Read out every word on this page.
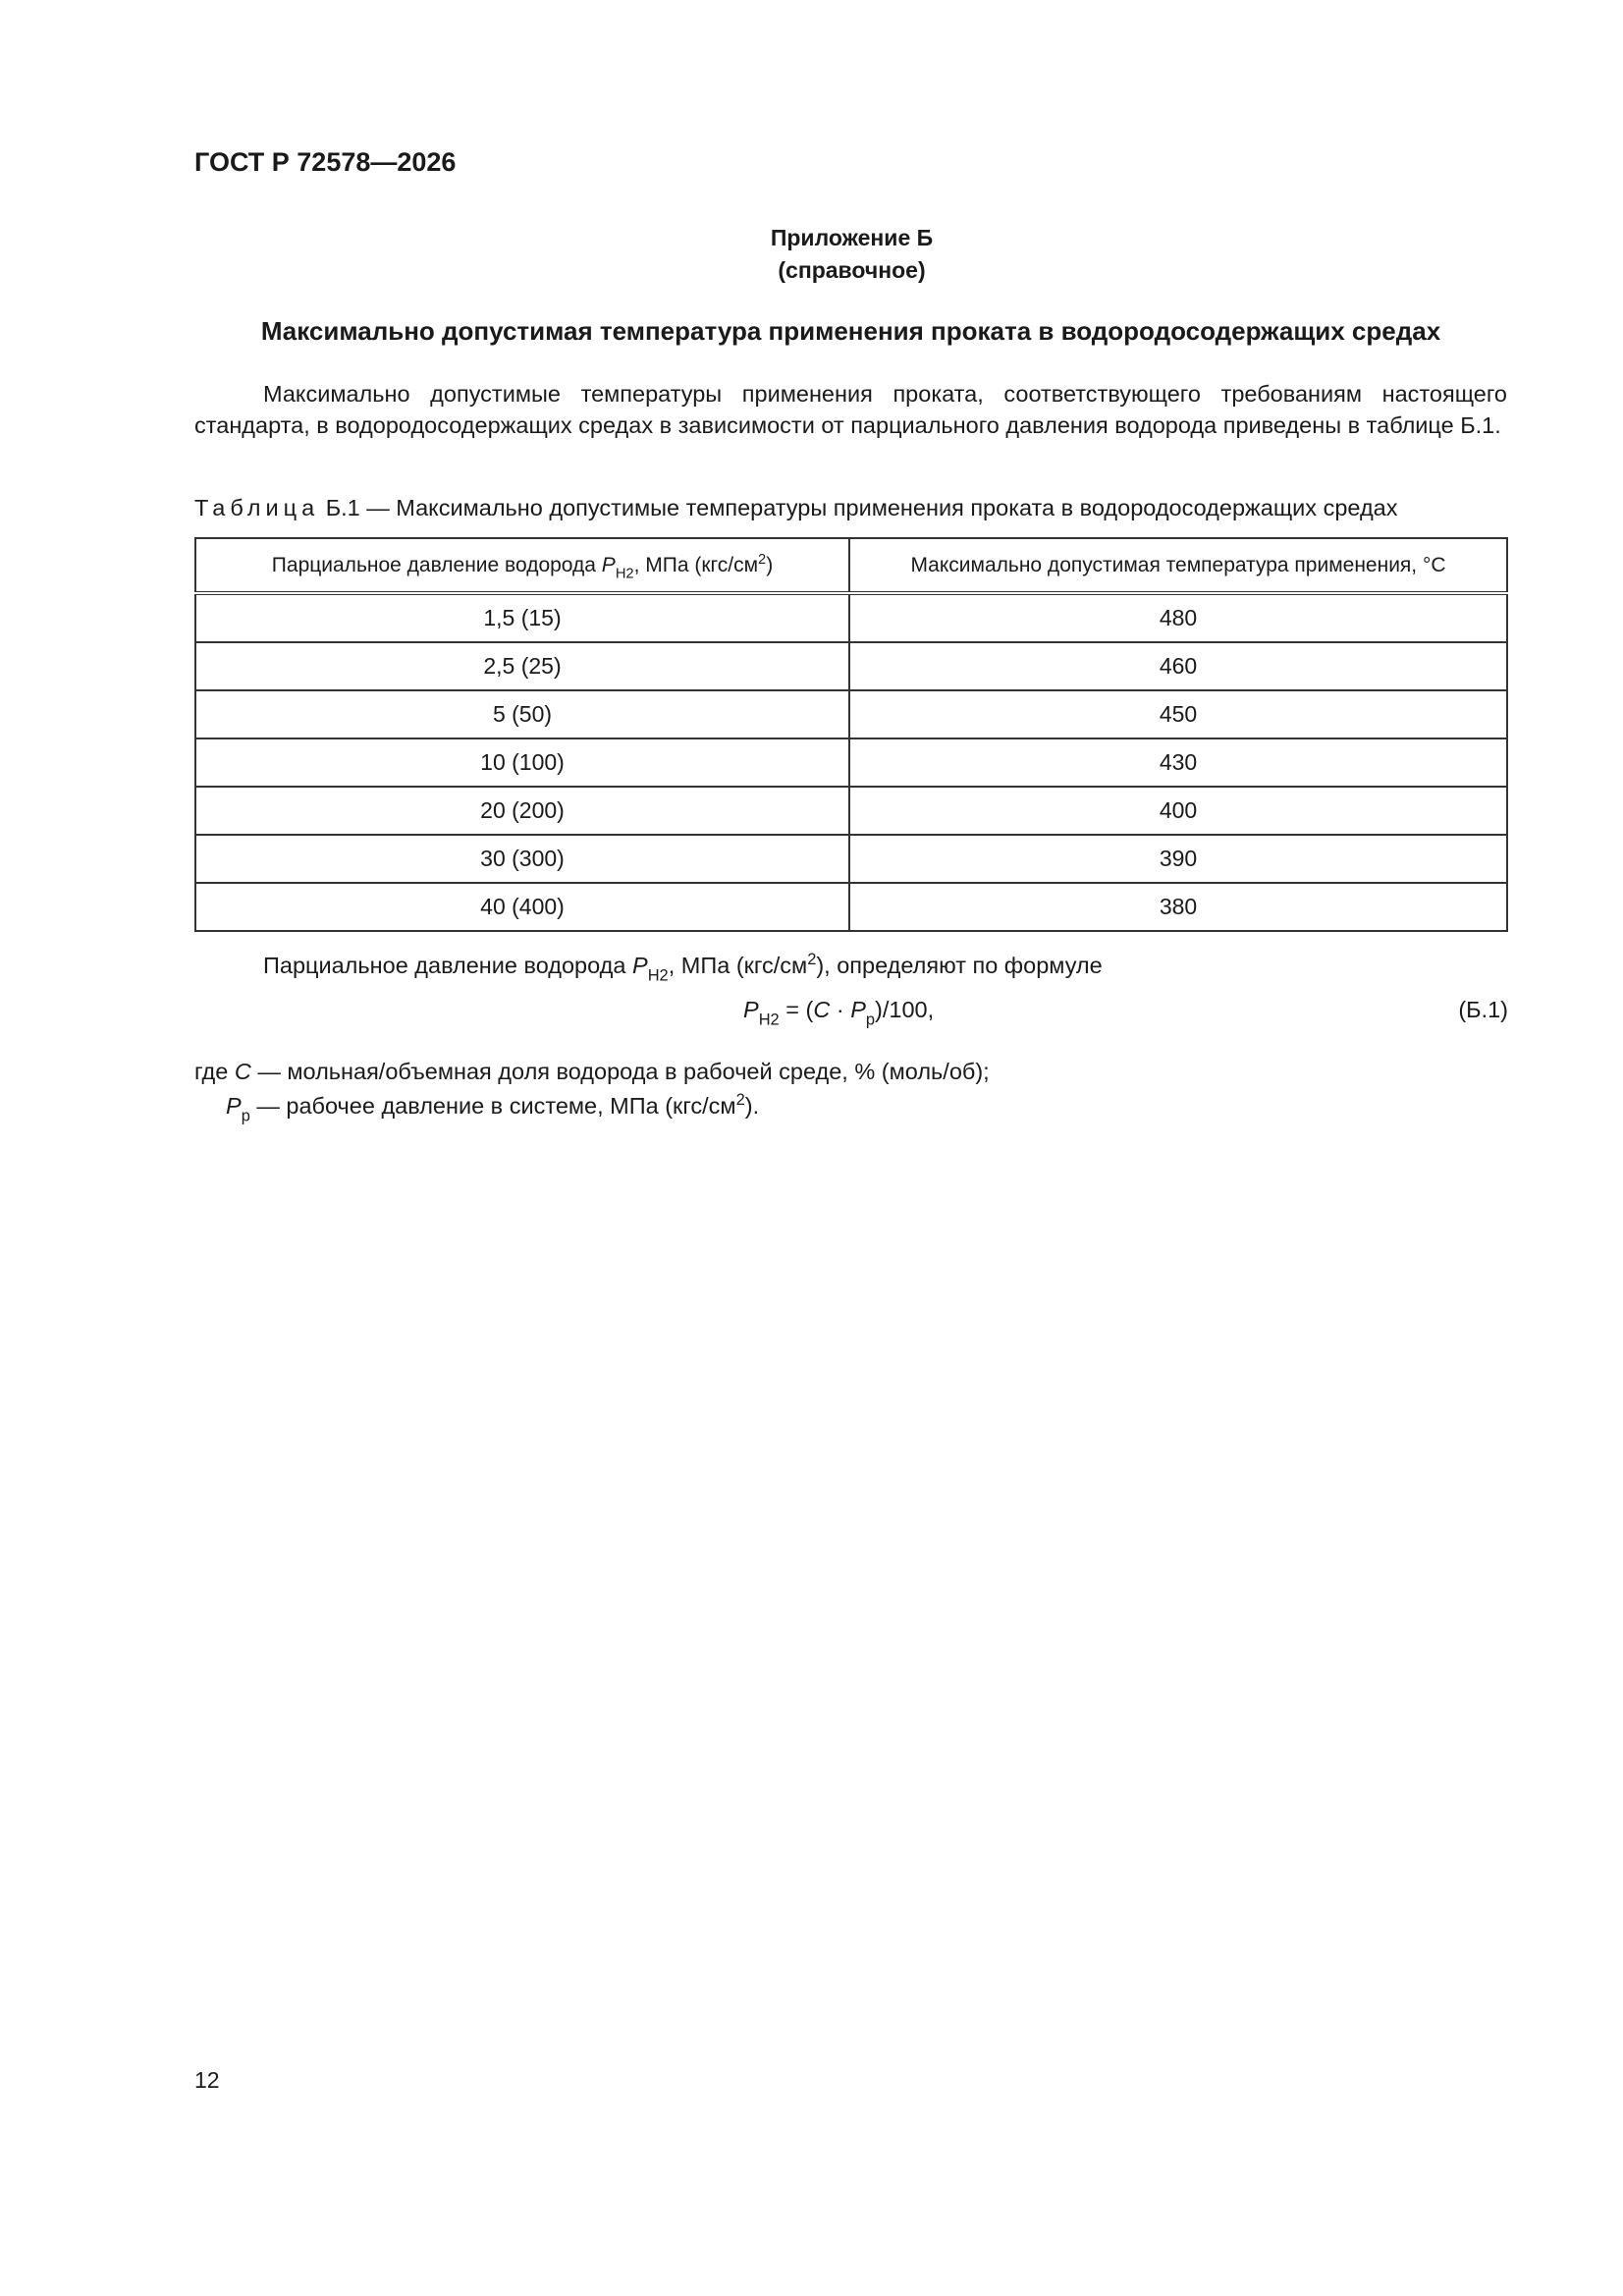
ГОСТ Р 72578—2026
Приложение Б
(справочное)
Максимально допустимая температура применения проката в водородосодержащих средах
Максимально допустимые температуры применения проката, соответствующего требованиям настоящего стандарта, в водородосодержащих средах в зависимости от парциального давления водорода приведены в таблице Б.1.
Таблица Б.1 — Максимально допустимые температуры применения проката в водородосодержащих средах
Парциальное давление водорода $P_{H2}$, МПа $(кгс/см^2)$	Максимально допустимая температура применения, °С
1,5 (15)	480
2,5 (25)	460
5 (50)	450
10 (100)	430
20 (200)	400
30 (300)	390
40 (400)	380
Парциальное давление водорода $P_{H2}$, МПа $(кгс/см^2)$, определяют по формуле
$P_{H2} = (C \cdot P_p)/100$,	(Б.1)
где C — мольная/объемная доля водорода в рабочей среде, % (моль/об);
$P_p$ — рабочее давление в системе, МПа $(кгс/см^2)$.
12
